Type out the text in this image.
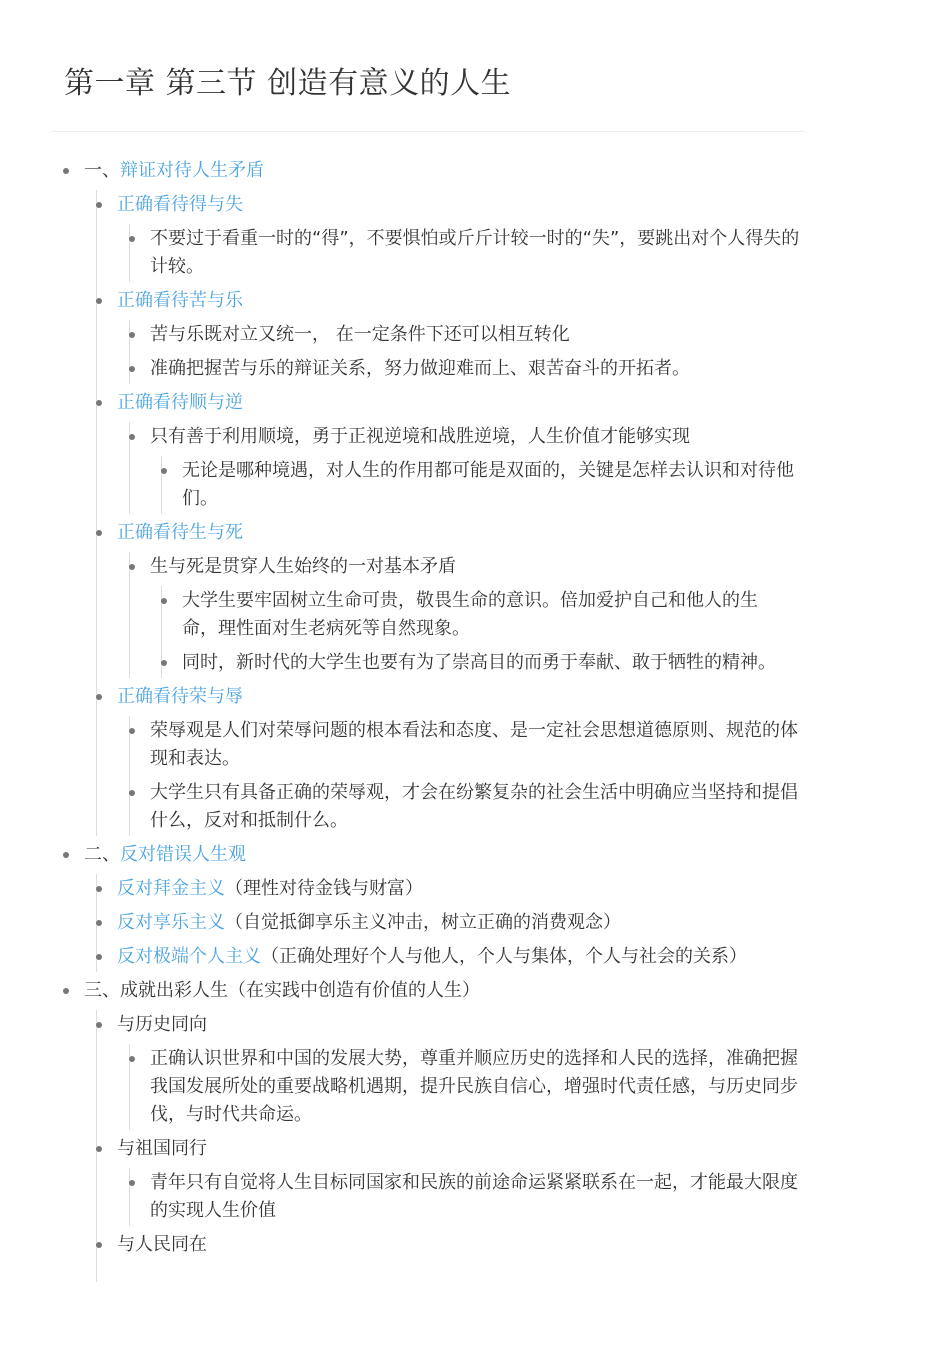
第一章 第三节 创造有意义的人生
一、辩证对待人生矛盾
正确看待得与失
不要过于看重一时的“得”，不要惧怕或斤斤计较一时的“失”，要跳出对个人得失的计较。
正确看待苦与乐
苦与乐既对立又统一， 在一定条件下还可以相互转化
准确把握苦与乐的辩证关系，努力做迎难而上、艰苦奋斗的开拓者。
正确看待顺与逆
只有善于利用顺境，勇于正视逆境和战胜逆境，人生价值才能够实现
无论是哪种境遇，对人生的作用都可能是双面的，关键是怎样去认识和对待他们。
正确看待生与死
生与死是贯穿人生始终的一对基本矛盾
大学生要牢固树立生命可贵，敬畏生命的意识。倍加爱护自己和他人的生命，理性面对生老病死等自然现象。
同时，新时代的大学生也要有为了崇高目的而勇于奉献、敢于牺牲的精神。
正确看待荣与辱
荣辱观是人们对荣辱问题的根本看法和态度、是一定社会思想道德原则、规范的体现和表达。
大学生只有具备正确的荣辱观，才会在纷繁复杂的社会生活中明确应当坚持和提倡什么，反对和抵制什么。
二、反对错误人生观
反对拜金主义（理性对待金钱与财富）
反对享乐主义（自觉抵御享乐主义冲击，树立正确的消费观念）
反对极端个人主义（正确处理好个人与他人，个人与集体，个人与社会的关系）
三、成就出彩人生（在实践中创造有价值的人生）
与历史同向
正确认识世界和中国的发展大势，尊重并顺应历史的选择和人民的选择，准确把握我国发展所处的重要战略机遇期，提升民族自信心，增强时代责任感，与历史同步伐，与时代共命运。
与祖国同行
青年只有自觉将人生目标同国家和民族的前途命运紧紧联系在一起，才能最大限度的实现人生价值
与人民同在
